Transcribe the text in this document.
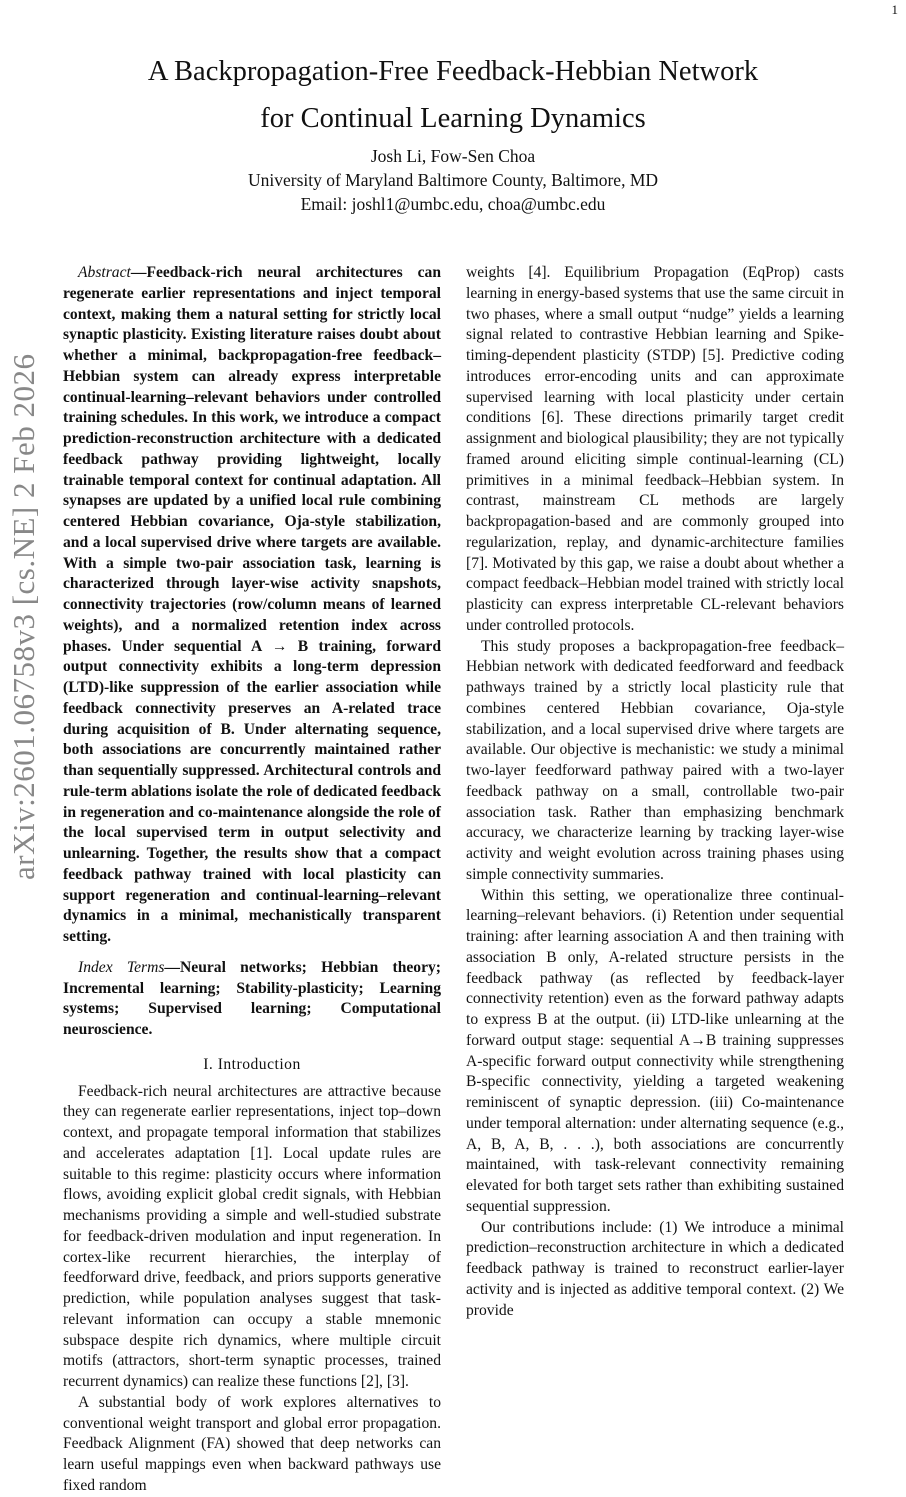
1
arXiv:2601.06758v3 [cs.NE] 2 Feb 2026
A Backpropagation-Free Feedback-Hebbian Network
for Continual Learning Dynamics
Josh Li, Fow-Sen Choa
University of Maryland Baltimore County, Baltimore, MD
Email: joshl1@umbc.edu, choa@umbc.edu

Abstract—Feedback-rich neural architectures can regenerate earlier representations and inject temporal context, making them a natural setting for strictly local synaptic plasticity. Existing literature raises doubt about whether a minimal, backpropagation-free feedback–Hebbian system can already express interpretable continual-learning–relevant behaviors under controlled training schedules. In this work, we introduce a compact prediction-reconstruction architecture with a dedicated feedback pathway providing lightweight, locally trainable temporal context for continual adaptation. All synapses are updated by a unified local rule combining centered Hebbian covariance, Oja-style stabilization, and a local supervised drive where targets are available. With a simple two-pair association task, learning is characterized through layer-wise activity snapshots, connectivity trajectories (row/column means of learned weights), and a normalized retention index across phases. Under sequential A → B training, forward output connectivity exhibits a long-term depression (LTD)-like suppression of the earlier association while feedback connectivity preserves an A-related trace during acquisition of B. Under alternating sequence, both associations are concurrently maintained rather than sequentially suppressed. Architectural controls and rule-term ablations isolate the role of dedicated feedback in regeneration and co-maintenance alongside the role of the local supervised term in output selectivity and unlearning. Together, the results show that a compact feedback pathway trained with local plasticity can support regeneration and continual-learning–relevant dynamics in a minimal, mechanistically transparent setting.

Index Terms—Neural networks; Hebbian theory; Incremental learning; Stability-plasticity; Learning systems; Supervised learning; Computational neuroscience.

I. Introduction

Feedback-rich neural architectures are attractive because they can regenerate earlier representations, inject top–down context, and propagate temporal information that stabilizes and accelerates adaptation [1]. Local update rules are suitable to this regime: plasticity occurs where information flows, avoiding explicit global credit signals, with Hebbian mechanisms providing a simple and well-studied substrate for feedback-driven modulation and input regeneration. In cortex-like recurrent hierarchies, the interplay of feedforward drive, feedback, and priors supports generative prediction, while population analyses suggest that task-relevant information can occupy a stable mnemonic subspace despite rich dynamics, where multiple circuit motifs (attractors, short-term synaptic processes, trained recurrent dynamics) can realize these functions [2], [3].

A substantial body of work explores alternatives to conventional weight transport and global error propagation. Feedback Alignment (FA) showed that deep networks can learn useful mappings even when backward pathways use fixed random

weights [4]. Equilibrium Propagation (EqProp) casts learning in energy-based systems that use the same circuit in two phases, where a small output “nudge” yields a learning signal related to contrastive Hebbian learning and Spike-timing-dependent plasticity (STDP) [5]. Predictive coding introduces error-encoding units and can approximate supervised learning with local plasticity under certain conditions [6]. These directions primarily target credit assignment and biological plausibility; they are not typically framed around eliciting simple continual-learning (CL) primitives in a minimal feedback–Hebbian system. In contrast, mainstream CL methods are largely backpropagation-based and are commonly grouped into regularization, replay, and dynamic-architecture families [7]. Motivated by this gap, we raise a doubt about whether a compact feedback–Hebbian model trained with strictly local plasticity can express interpretable CL-relevant behaviors under controlled protocols.

This study proposes a backpropagation-free feedback–Hebbian network with dedicated feedforward and feedback pathways trained by a strictly local plasticity rule that combines centered Hebbian covariance, Oja-style stabilization, and a local supervised drive where targets are available. Our objective is mechanistic: we study a minimal two-layer feedforward pathway paired with a two-layer feedback pathway on a small, controllable two-pair association task. Rather than emphasizing benchmark accuracy, we characterize learning by tracking layer-wise activity and weight evolution across training phases using simple connectivity summaries.

Within this setting, we operationalize three continual-learning–relevant behaviors. (i) Retention under sequential training: after learning association A and then training with association B only, A-related structure persists in the feedback pathway (as reflected by feedback-layer connectivity retention) even as the forward pathway adapts to express B at the output. (ii) LTD-like unlearning at the forward output stage: sequential A→B training suppresses A-specific forward output connectivity while strengthening B-specific connectivity, yielding a targeted weakening reminiscent of synaptic depression. (iii) Co-maintenance under temporal alternation: under alternating sequence (e.g., A, B, A, B, . . .), both associations are concurrently maintained, with task-relevant connectivity remaining elevated for both target sets rather than exhibiting sustained sequential suppression.

Our contributions include: (1) We introduce a minimal prediction–reconstruction architecture in which a dedicated feedback pathway is trained to reconstruct earlier-layer activity and is injected as additive temporal context. (2) We provide
